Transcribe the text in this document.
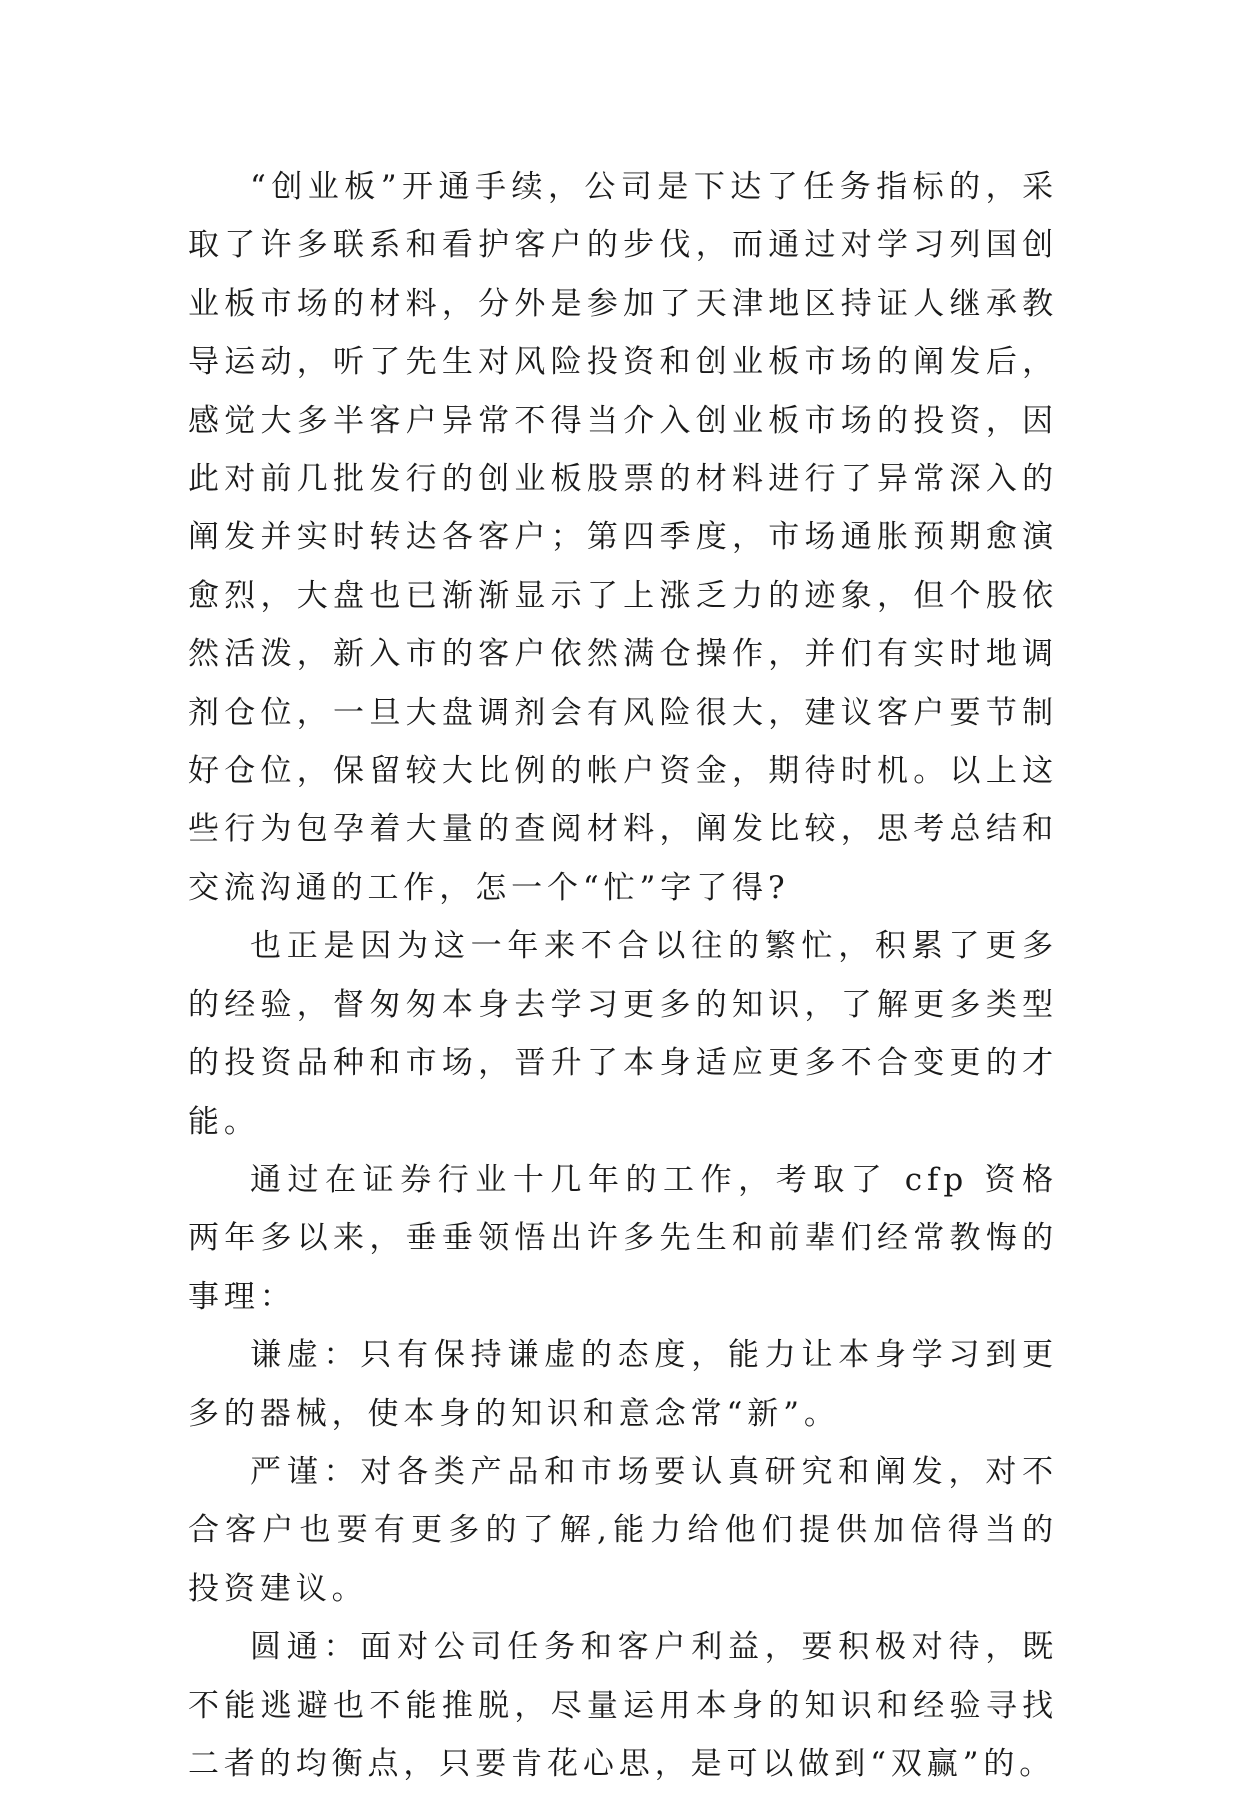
“创业板”开通手续，公司是下达了任务指标的，采取了许多联系和看护客户的步伐，而通过对学习列国创业板市场的材料，分外是参加了天津地区持证人继承教导运动，听了先生对风险投资和创业板市场的阐发后，感觉大多半客户异常不得当介入创业板市场的投资，因此对前几批发行的创业板股票的材料进行了异常深入的阐发并实时转达各客户；第四季度，市场通胀预期愈演愈烈，大盘也已渐渐显示了上涨乏力的迹象，但个股依然活泼，新入市的客户依然满仓操作，并们有实时地调剂仓位，一旦大盘调剂会有风险很大，建议客户要节制好仓位，保留较大比例的帐户资金，期待时机。以上这些行为包孕着大量的查阅材料，阐发比较，思考总结和交流沟通的工作，怎一个“忙”字了得?

也正是因为这一年来不合以往的繁忙，积累了更多的经验，督匆匆本身去学习更多的知识，了解更多类型的投资品种和市场，晋升了本身适应更多不合变更的才能。

通过在证券行业十几年的工作，考取了 cfp 资格两年多以来，垂垂领悟出许多先生和前辈们经常教悔的事理：

谦虚：只有保持谦虚的态度，能力让本身学习到更多的器械，使本身的知识和意念常“新”。

严谨：对各类产品和市场要认真研究和阐发，对不合客户也要有更多的了解,能力给他们提供加倍得当的投资建议。

圆通：面对公司任务和客户利益，要积极对待，既不能逃避也不能推脱，尽量运用本身的知识和经验寻找二者的均衡点，只要肯花心思，是可以做到“双赢”的。
